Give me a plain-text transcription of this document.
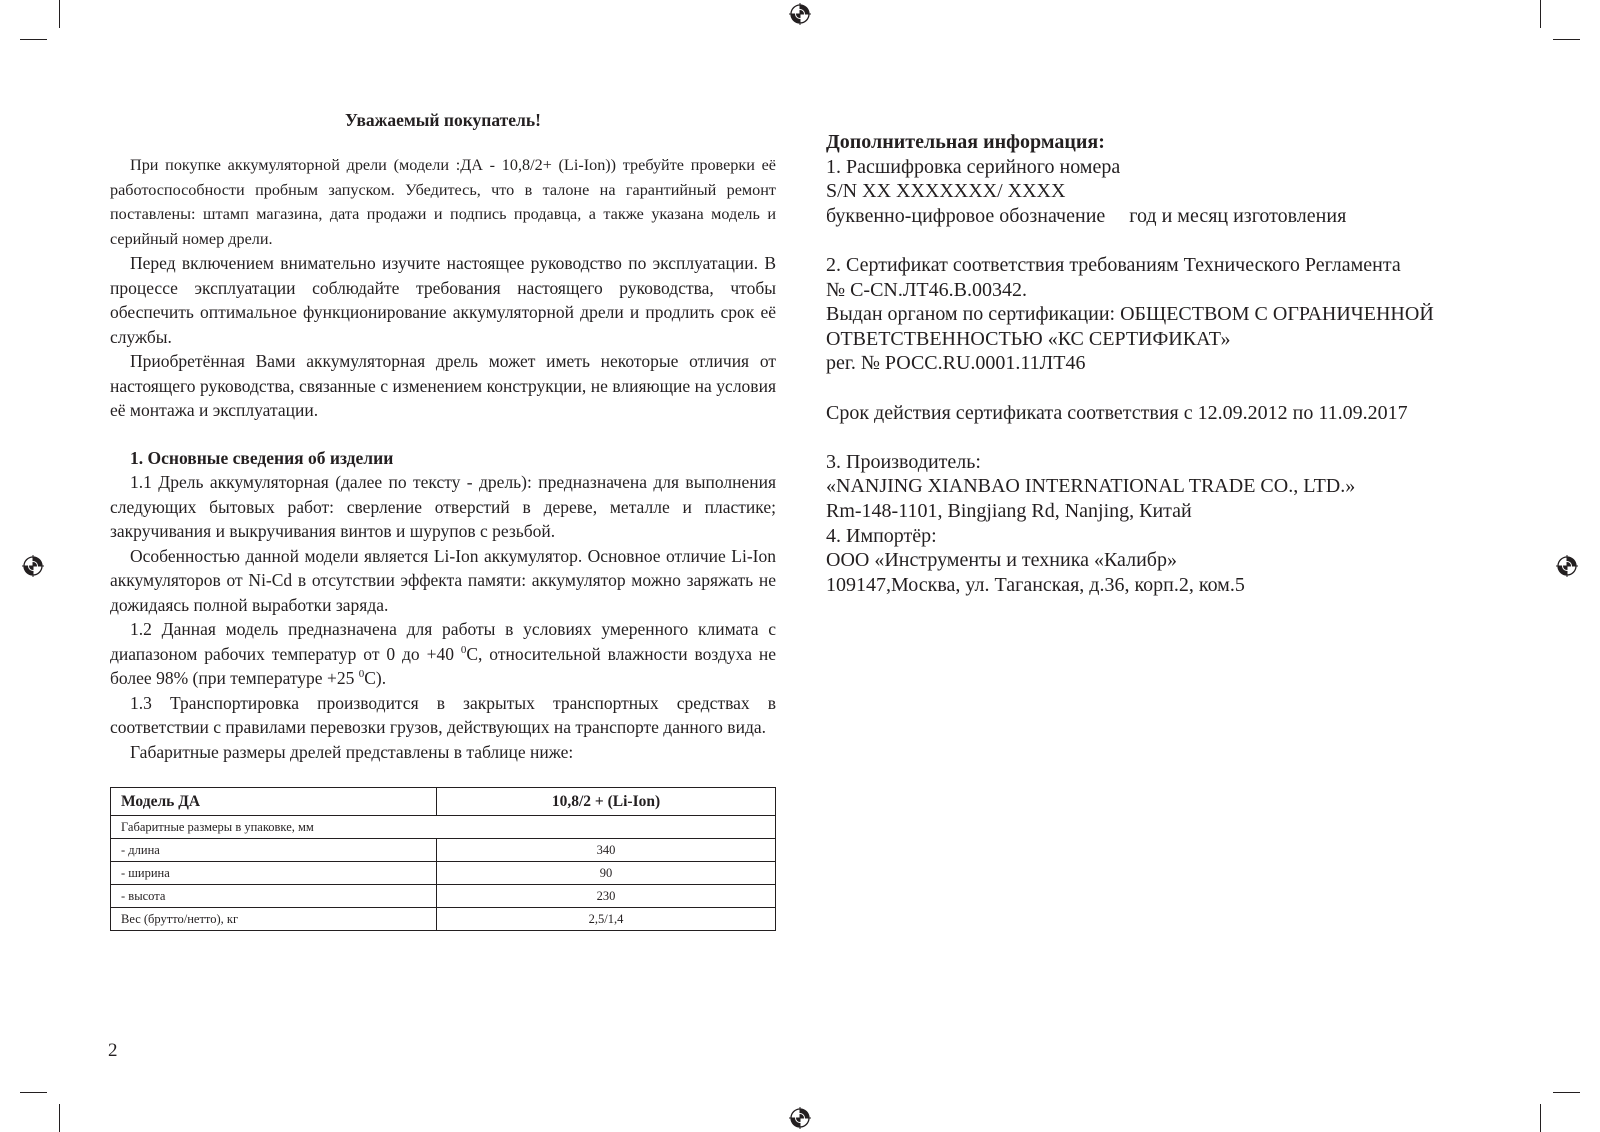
Уважаемый покупатель!

При покупке аккумуляторной дрели (модели :ДА - 10,8/2+ (Li-Ion)) требуйте проверки её работоспособности пробным запуском. Убедитесь, что в талоне на гарантийный ремонт поставлены: штамп магазина, дата продажи и подпись продавца, а также указана модель и серийный номер дрели.

Перед включением внимательно изучите настоящее руководство по эксплуатации. В процессе эксплуатации соблюдайте требования настоящего руководства, чтобы обеспечить оптимальное функционирование аккумуляторной дрели и продлить срок её службы.

Приобретённая Вами аккумуляторная дрель может иметь некоторые отличия от настоящего руководства, связанные с изменением конструкции, не влияющие на условия её монтажа и эксплуатации.

1. Основные сведения об изделии

1.1 Дрель аккумуляторная (далее по тексту - дрель): предназначена для выполнения следующих бытовых работ: сверление отверстий в дереве, металле и пластике; закручивания и выкручивания винтов и шурупов с резьбой.

Особенностью данной модели является Li-Ion аккумулятор. Основное отличие Li-Ion аккумуляторов от Ni-Cd в отсутствии эффекта памяти: аккумулятор можно заряжать не дожидаясь полной выработки заряда.

1.2 Данная модель предназначена для работы в условиях умеренного климата с диапазоном рабочих температур от 0 до +40 $^0$С, относительной влажности воздуха не более 98% (при температуре +25 $^0$С).

1.3 Транспортировка производится в закрытых транспортных средствах в соответствии с правилами перевозки грузов, действующих на транспорте данного вида.

Габаритные размеры дрелей представлены в таблице ниже:

Модель ДА	10,8/2 + (Li-Ion)
Габаритные размеры в упаковке, мм	
- длина	340
- ширина	90
- высота	230
Вес (брутто/нетто), кг	2,5/1,4
2

Дополнительная информация:

1. Расшифровка серийного номера

S/N XX XXXXXXX/ XXXX

буквенно-цифровое обозначение год и месяц изготовления

2. Сертификат соответствия требованиям Технического Регламента

№ C-CN.ЛТ46.В.00342.

Выдан органом по сертификации: ОБЩЕСТВОМ С ОГРАНИЧЕННОЙ

ОТВЕТСТВЕННОСТЬЮ «КС СЕРТИФИКАТ»

рег. № РОСС.RU.0001.11ЛТ46

Срок действия сертификата соответствия с 12.09.2012 по 11.09.2017

3. Производитель:

«NANJING XIANBAO INTERNATIONAL TRADE CO., LTD.»

Rm-148-1101, Bingjiang Rd, Nanjing, Китай

4. Импортёр:

ООО «Инструменты и техника «Калибр»

109147,Москва, ул. Таганская, д.36, корп.2, ком.5
